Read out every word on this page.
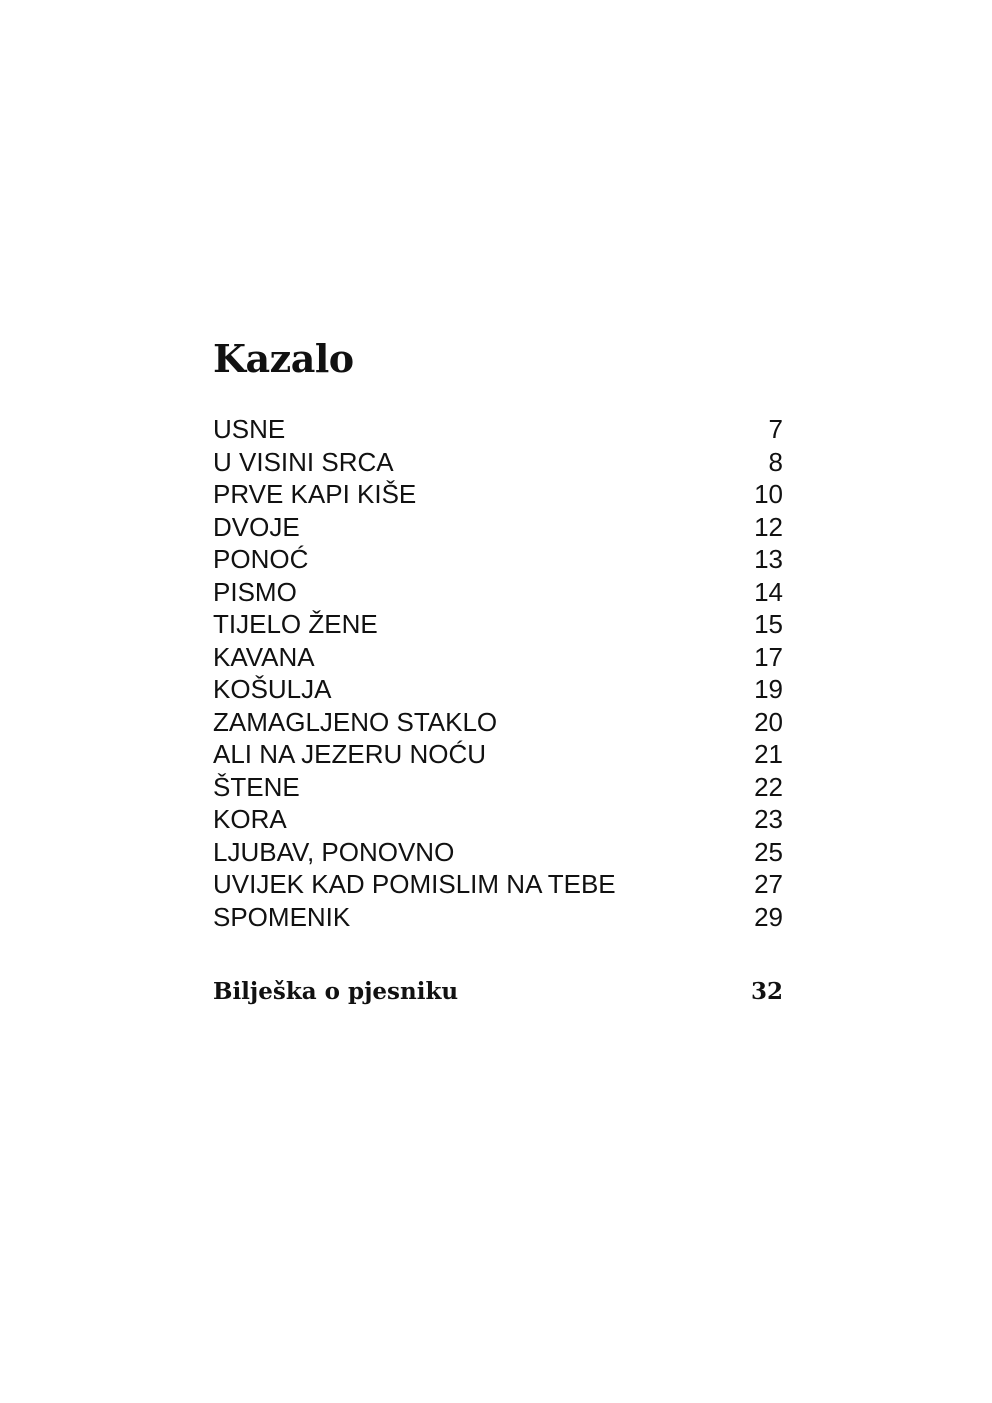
Kazalo
USNE	7
U VISINI SRCA	8
PRVE KAPI KIŠE	10
DVOJE	12
PONOĆ	13
PISMO	14
TIJELO ŽENE	15
KAVANA	17
KOŠULJA	19
ZAMAGLJENO STAKLO	20
ALI NA JEZERU NOĆU	21
ŠTENE	22
KORA	23
LJUBAV, PONOVNO	25
UVIJEK KAD POMISLIM NA TEBE	27
SPOMENIK	29
Bilješka o pjesniku	32
